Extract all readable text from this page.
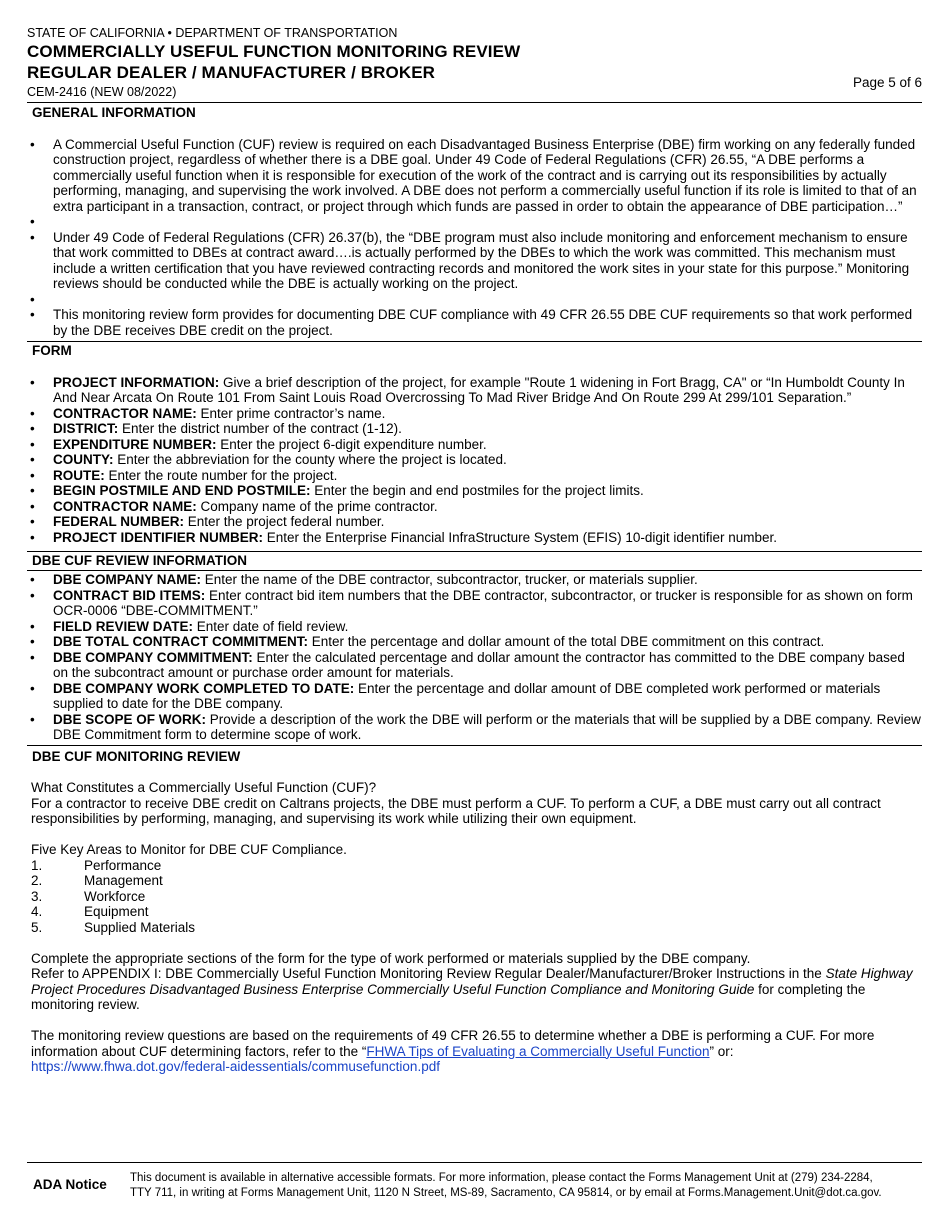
STATE OF CALIFORNIA • DEPARTMENT OF TRANSPORTATION
COMMERCIALLY USEFUL FUNCTION MONITORING REVIEW
REGULAR DEALER / MANUFACTURER / BROKER
CEM-2416 (NEW 08/2022)
Page 5 of 6
GENERAL INFORMATION
• A Commercial Useful Function (CUF) review is required on each Disadvantaged Business Enterprise (DBE) firm working on any federally funded construction project, regardless of whether there is a DBE goal. Under 49 Code of Federal Regulations (CFR) 26.55, “A DBE performs a commercially useful function when it is responsible for execution of the work of the contract and is carrying out its responsibilities by actually performing, managing, and supervising the work involved. A DBE does not perform a commercially useful function if its role is limited to that of an extra participant in a transaction, contract, or project through which funds are passed in order to obtain the appearance of DBE participation…”
•
• Under 49 Code of Federal Regulations (CFR) 26.37(b), the “DBE program must also include monitoring and enforcement mechanism to ensure that work committed to DBEs at contract award….is actually performed by the DBEs to which the work was committed. This mechanism must include a written certification that you have reviewed contracting records and monitored the work sites in your state for this purpose.” Monitoring reviews should be conducted while the DBE is actually working on the project.
•
• This monitoring review form provides for documenting DBE CUF compliance with 49 CFR 26.55 DBE CUF requirements so that work performed by the DBE receives DBE credit on the project.
FORM
• PROJECT INFORMATION: Give a brief description of the project, for example "Route 1 widening in Fort Bragg, CA" or “In Humboldt County In And Near Arcata On Route 101 From Saint Louis Road Overcrossing To Mad River Bridge And On Route 299 At 299/101 Separation.”
• CONTRACTOR NAME: Enter prime contractor’s name.
• DISTRICT: Enter the district number of the contract (1-12).
• EXPENDITURE NUMBER: Enter the project 6-digit expenditure number.
• COUNTY: Enter the abbreviation for the county where the project is located.
• ROUTE: Enter the route number for the project.
• BEGIN POSTMILE AND END POSTMILE: Enter the begin and end postmiles for the project limits.
• CONTRACTOR NAME: Company name of the prime contractor.
• FEDERAL NUMBER: Enter the project federal number.
• PROJECT IDENTIFIER NUMBER: Enter the Enterprise Financial InfraStructure System (EFIS) 10-digit identifier number.
DBE CUF REVIEW INFORMATION
• DBE COMPANY NAME: Enter the name of the DBE contractor, subcontractor, trucker, or materials supplier.
• CONTRACT BID ITEMS: Enter contract bid item numbers that the DBE contractor, subcontractor, or trucker is responsible for as shown on form OCR-0006 “DBE-COMMITMENT.”
• FIELD REVIEW DATE: Enter date of field review.
• DBE TOTAL CONTRACT COMMITMENT: Enter the percentage and dollar amount of the total DBE commitment on this contract.
• DBE COMPANY COMMITMENT: Enter the calculated percentage and dollar amount the contractor has committed to the DBE company based on the subcontract amount or purchase order amount for materials.
• DBE COMPANY WORK COMPLETED TO DATE: Enter the percentage and dollar amount of DBE completed work performed or materials supplied to date for the DBE company.
• DBE SCOPE OF WORK: Provide a description of the work the DBE will perform or the materials that will be supplied by a DBE company. Review DBE Commitment form to determine scope of work.
DBE CUF MONITORING REVIEW
What Constitutes a Commercially Useful Function (CUF)?
For a contractor to receive DBE credit on Caltrans projects, the DBE must perform a CUF. To perform a CUF, a DBE must carry out all contract responsibilities by performing, managing, and supervising its work while utilizing their own equipment.
Five Key Areas to Monitor for DBE CUF Compliance.
1.	Performance
2.	Management
3.	Workforce
4.	Equipment
5.	Supplied Materials
Complete the appropriate sections of the form for the type of work performed or materials supplied by the DBE company.
Refer to APPENDIX I: DBE Commercially Useful Function Monitoring Review Regular Dealer/Manufacturer/Broker Instructions in the State Highway Project Procedures Disadvantaged Business Enterprise Commercially Useful Function Compliance and Monitoring Guide for completing the monitoring review.
The monitoring review questions are based on the requirements of 49 CFR 26.55 to determine whether a DBE is performing a CUF. For more information about CUF determining factors, refer to the “FHWA Tips of Evaluating a Commercially Useful Function” or: https://www.fhwa.dot.gov/federal-aidessentials/commusefunction.pdf
ADA Notice	This document is available in alternative accessible formats. For more information, please contact the Forms Management Unit at (279) 234-2284,
TTY 711, in writing at Forms Management Unit, 1120 N Street, MS-89, Sacramento, CA 95814, or by email at Forms.Management.Unit@dot.ca.gov.
